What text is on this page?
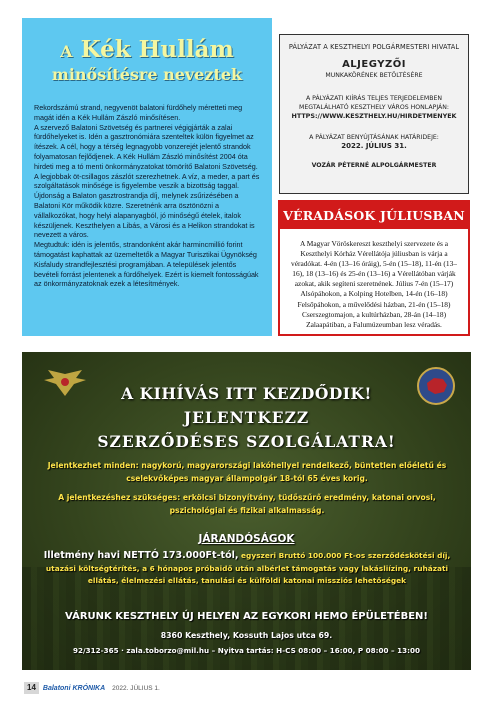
A Kék Hullám
minősítésre neveztek

Rekordszámú strand, negyvenöt balatoni fürdőhely méretteti meg magát idén a Kék Hullám Zászló minősítésen.

A szervező Balatoni Szövetség és partnerei végigjárták a zalai fürdőhelyeket is. Idén a gasztronómiára szenteltek külön figyelmet az ítészek. A cél, hogy a térség legnagyobb vonzerejét jelentő strandok folyamatosan fejlődjenek. A Kék Hullám Zászló minősítést 2004 óta hirdeti meg a tó menti önkormányzatokat tömörítő Balatoni Szövetség. A legjobbak öt-csillagos zászlót szerezhetnek. A víz, a meder, a part és szolgáltatások minősége is figyelembe veszik a bizottság taggal. Újdonság a Balaton gasztrostrandja díj, melynek zsűrizésében a Balatoni Kör működik közre. Szeretnénk arra ösztönözni a vállalkozókat, hogy helyi alapanyagból, jó minőségű ételek, italok készüljenek. Keszthelyen a Libás, a Városi és a Helikon strandokat is nevezett a város.

Megtudtuk: idén is jelentős, strandonként akár harmincmillió forint támogatást kaphattak az üzemeltetők a Magyar Turisztikai Ügynökség Kisfaludy strandfejlesztési programjában. A települések jelentős bevételi forrást jelentenek a fürdőhelyek. Ezért is kiemelt fontosságúak az önkormányzatoknak ezek a létesítmények.

PÁLYÁZAT A KESZTHELYI POLGÁRMESTERI HIVATAL
ALJEGYZŐI
MUNKAKÖRÉNEK BETÖLTÉSÉRE
A PÁLYÁZATI KIÍRÁS TELJES TERJEDELEMBEN MEGTALÁLHATÓ KESZTHELY VÁROS HONLAPJÁN:
HTTPS://WWW.KESZTHELY.HU/HIRDETMENYEK
A PÁLYÁZAT BENYÚJTÁSÁNAK HATÁRIDEJE:
2022. JÚLIUS 31.
VOZÁR PÉTERNÉ ALPOLGÁRMESTER
VÉRADÁSOK JÚLIUSBAN
A Magyar Vöröskereszt keszthelyi szervezete és a Keszthelyi Kórház Vérellátója júliusban is várja a véradókat. 4-én (13–16 óráig), 5-én (15–18), 11-én (13–16), 18 (13–16) és 25-én (13–16) a Vérellátóban várják azokat, akik segíteni szeretnének. Július 7-én (15–17) Alsópáhokon, a Kolping Hotelben, 14-én (16–18) Felsőpáhokon, a művelődési házban, 21-én (15–18) Cserszegtomajon, a kultúrházban, 28-án (14–18) Zalaapátiban, a Falumúzeumban lesz véradás.
A KIHÍVÁS ITT KEZDŐDIK!
JELENTKEZZ
SZERZŐDÉSES SZOLGÁLATRA!
Jelentkezhet minden: nagykorú, magyarországi lakóhellyel rendelkező, büntetlen előéletű és cselekvőképes magyar állampolgár 18-tól 65 éves korig.
A jelentkezéshez szükséges: erkölcsi bizonyítvány, tüdőszűrő eredmény, katonai orvosi, pszichológiai és fizikai alkalmasság.
JÁRANDÓSÁGOK
Illetmény havi NETTÓ 173.000Ft-tól, egyszeri Bruttó 100.000 Ft-os szerződéskötési díj, utazási költségtérítés, a 6 hónapos próbaidő után albérlet támogatás vagy lakásliízing, ruházati ellátás, élelmezési ellátás, tanulási és külföldi katonai missziós lehetőségek
VÁRUNK KESZTHELY ÚJ HELYEN AZ EGYKORI HEMO ÉPÜLETÉBEN!
8360 Keszthely, Kossuth Lajos utca 69.
92/312-365 · zala.toborzo@mil.hu – Nyitva tartás: H-CS 08:00 – 16:00, P 08:00 – 13:00
14	Balatoni KRÓNIKA 2022. JÚLIUS 1.
